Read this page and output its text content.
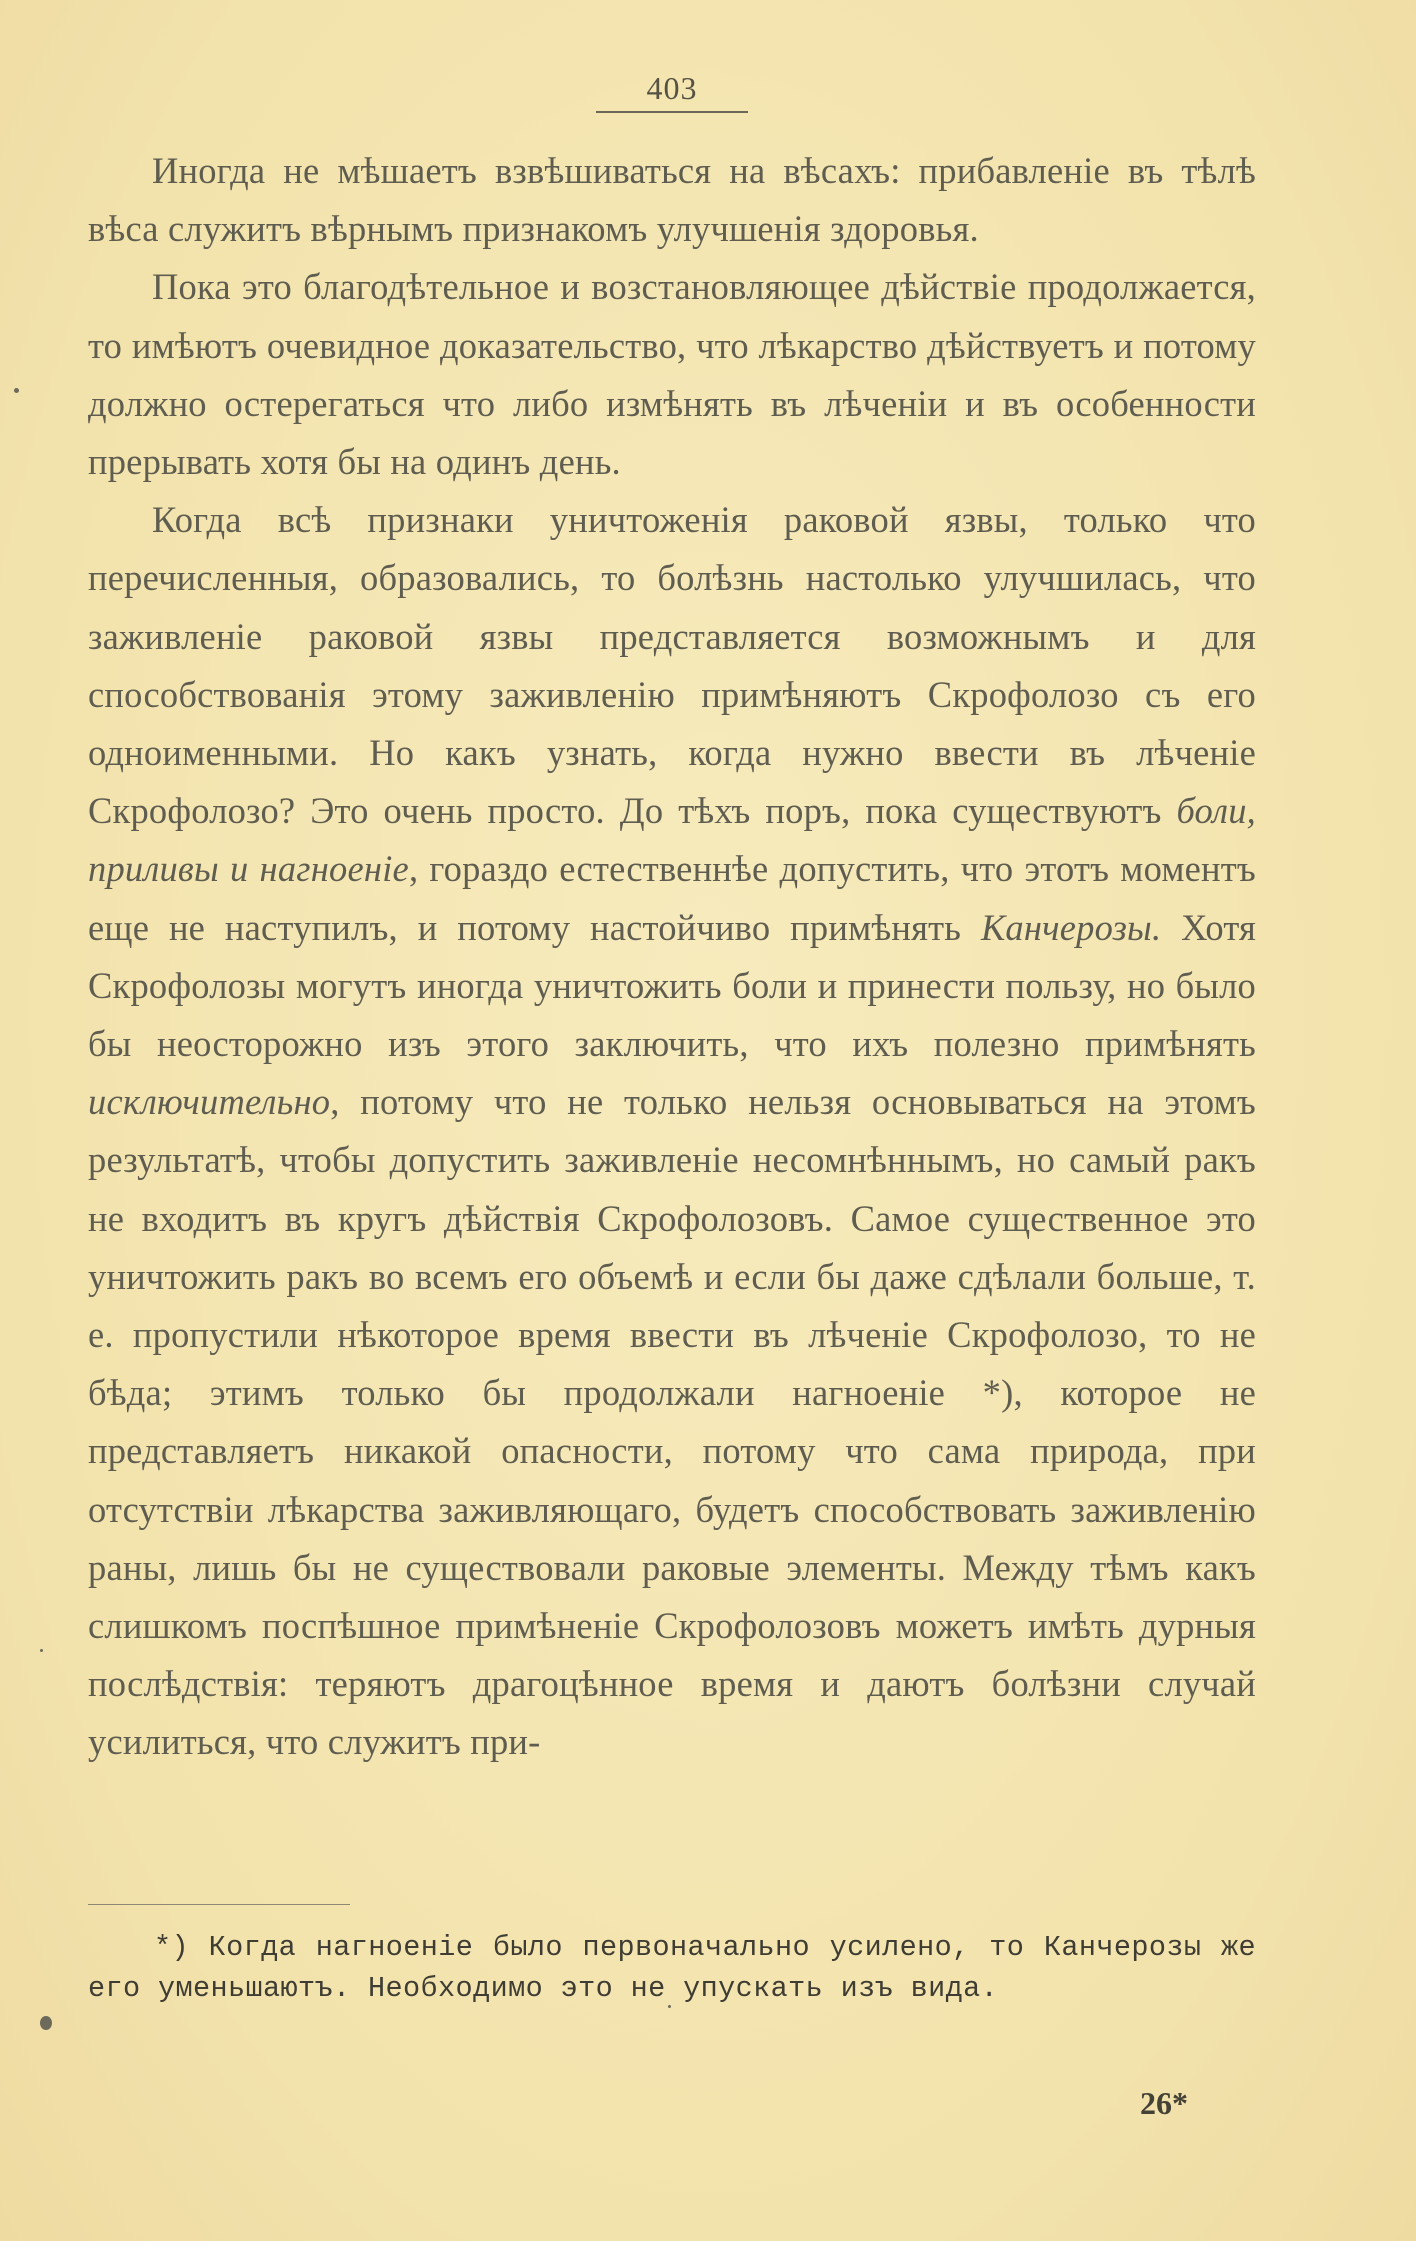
403

Иногда не мѣшаетъ взвѣшиваться на вѣсахъ: прибавленіе въ тѣлѣ вѣса служитъ вѣрнымъ признакомъ улучшенія здоровья.

Пока это благодѣтельное и возстановляющее дѣйствіе продолжается, то имѣютъ очевидное доказательство, что лѣкарство дѣйствуетъ и потому должно остерегаться что либо измѣнять въ лѣченіи и въ особенности прерывать хотя бы на одинъ день.

Когда всѣ признаки уничтоженія раковой язвы, только что перечисленныя, образовались, то болѣзнь настолько улучшилась, что заживленіе раковой язвы представляется возможнымъ и для способствованія этому заживленію примѣняютъ Скрофолозо съ его одноименными. Но какъ узнать, когда нужно ввести въ лѣченіе Скрофолозо? Это очень просто. До тѣхъ поръ, пока существуютъ боли, приливы и нагноеніе, гораздо естественнѣе допустить, что этотъ моментъ еще не наступилъ, и потому настойчиво примѣнять Канчерозы. Хотя Скрофолозы могутъ иногда уничтожить боли и принести пользу, но было бы неосторожно изъ этого заключить, что ихъ полезно примѣнять исключительно, потому что не только нельзя основываться на этомъ результатѣ, чтобы допустить заживленіе несомнѣннымъ, но самый ракъ не входитъ въ кругъ дѣйствія Скрофолозовъ. Самое существенное это уничтожить ракъ во всемъ его объемѣ и если бы даже сдѣлали больше, т. е. пропустили нѣкоторое время ввести въ лѣченіе Скрофолозо, то не бѣда; этимъ только бы продолжали нагноеніе *), которое не представляетъ никакой опасности, потому что сама природа, при отсутствіи лѣкарства заживляющаго, будетъ способствовать заживленію раны, лишь бы не существовали раковые элементы. Между тѣмъ какъ слишкомъ поспѣшное примѣненіе Скрофолозовъ можетъ имѣть дурныя послѣдствія: теряютъ драгоцѣнное время и даютъ болѣзни случай усилиться, что служитъ при-

*) Когда нагноеніе было первоначально усилено, то Канчерозы же его уменьшаютъ. Необходимо это не упускать изъ вида.

26*
